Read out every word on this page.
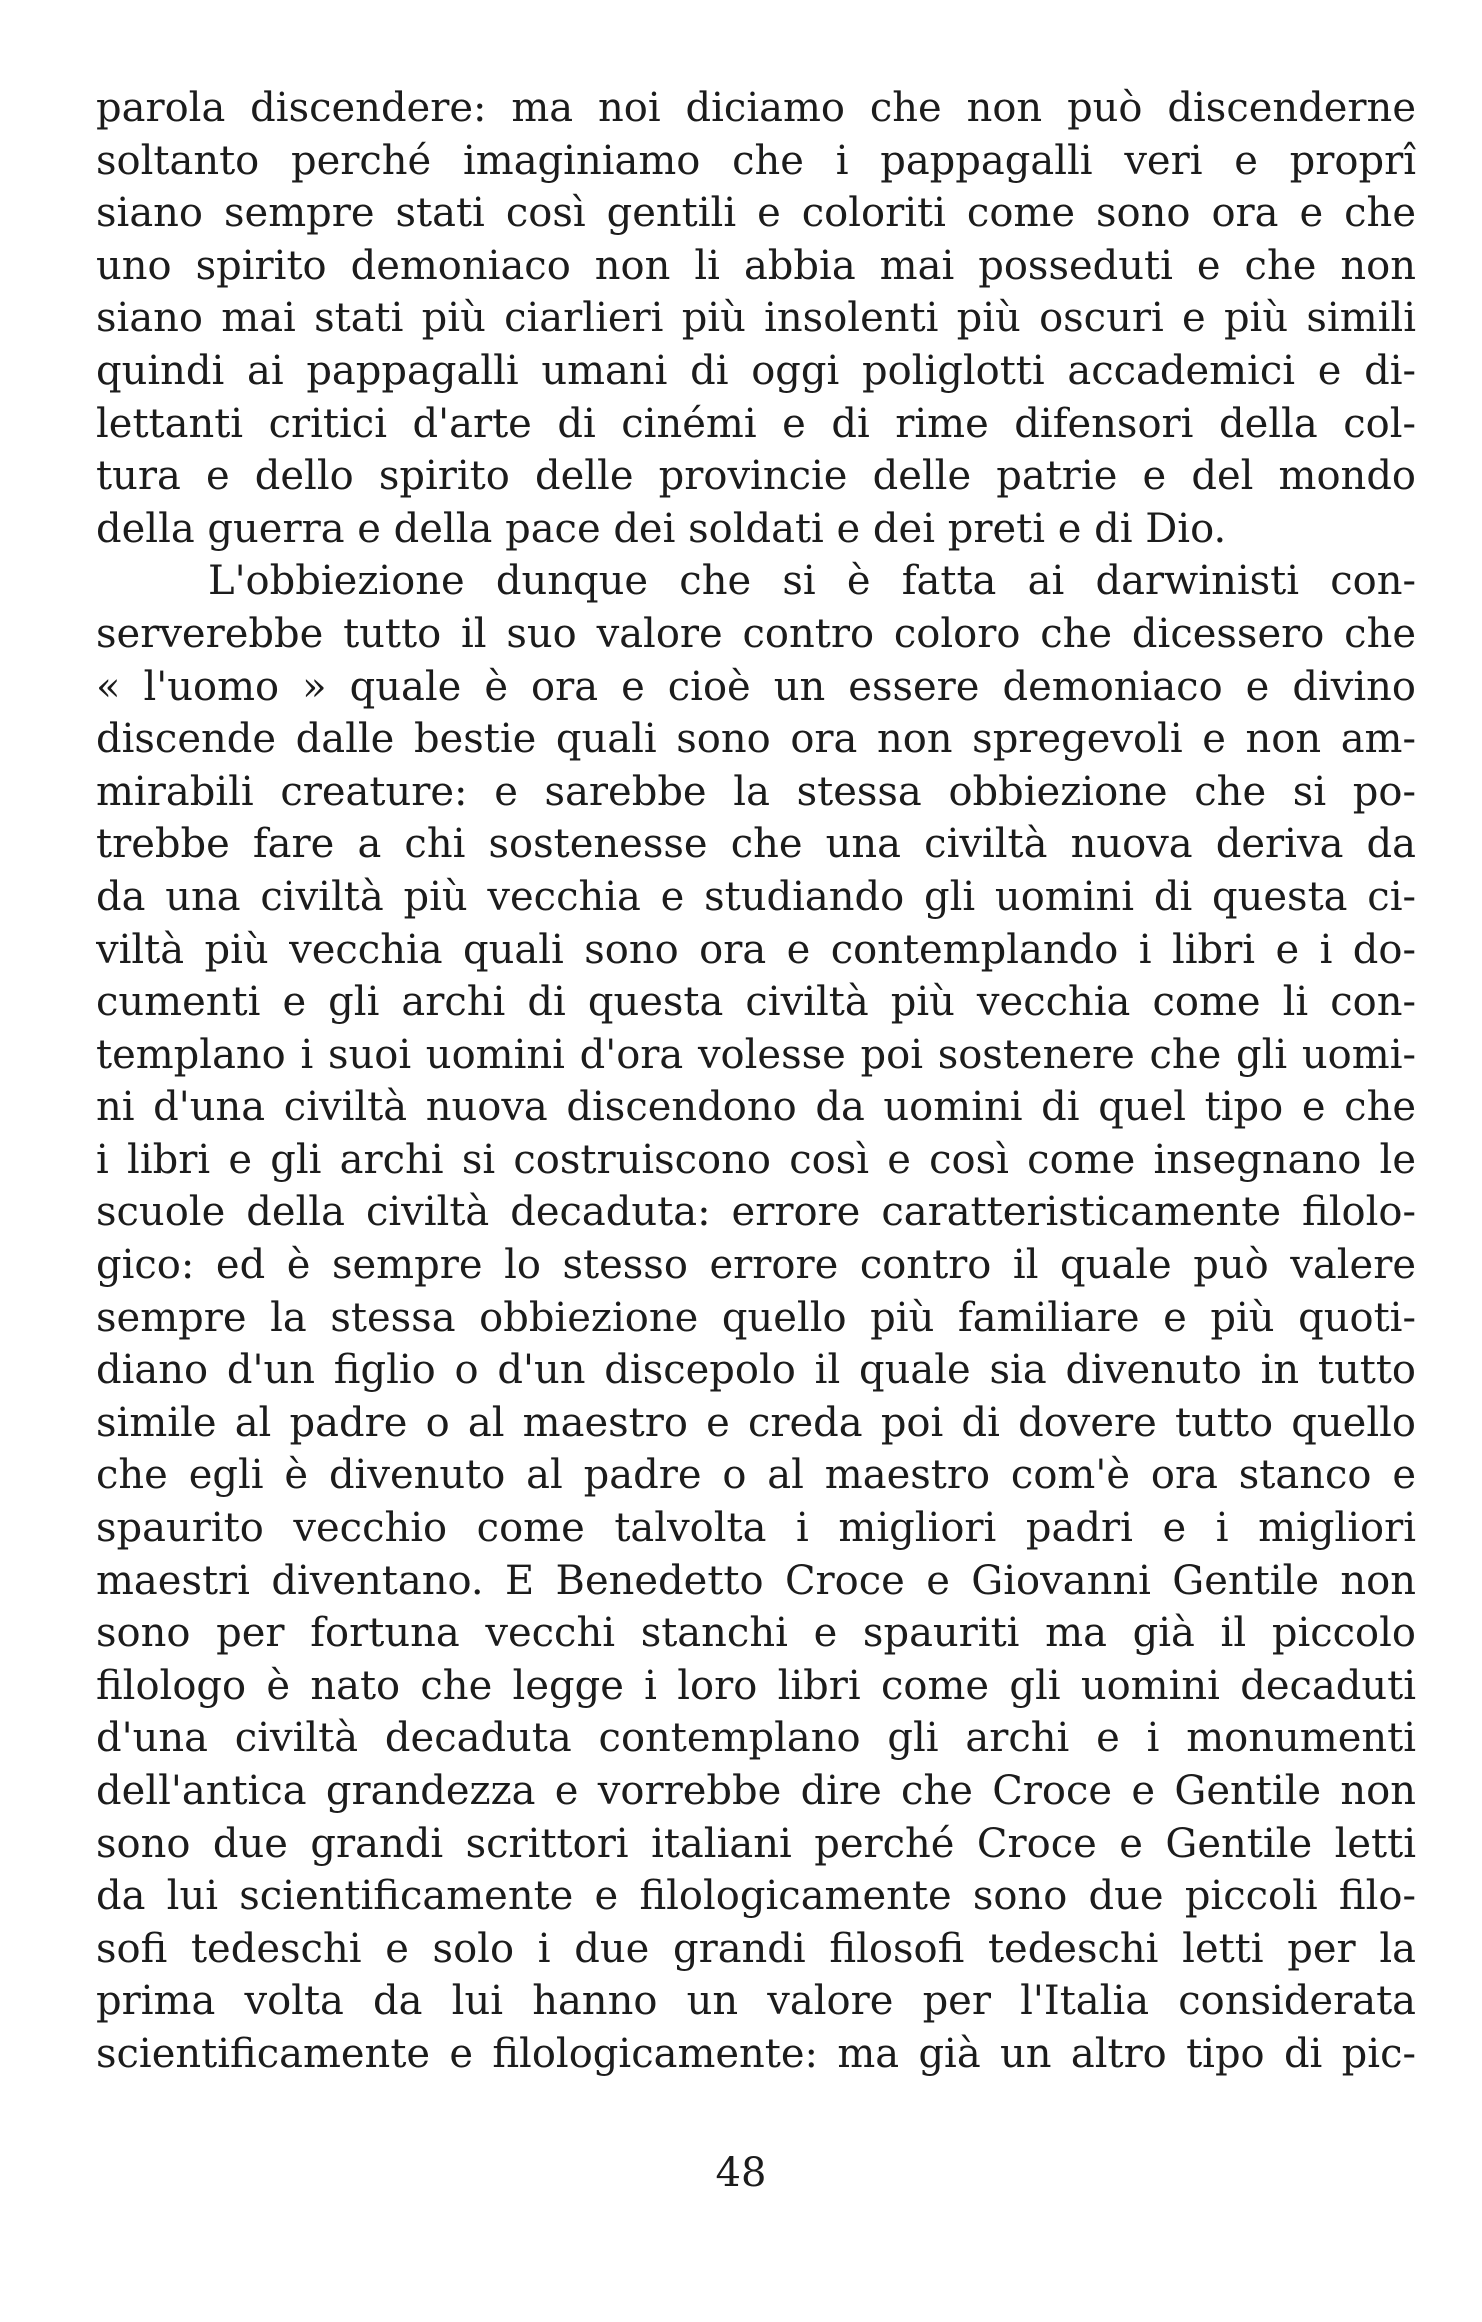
parola discendere: ma noi diciamo che non può discenderne
soltanto perché imaginiamo che i pappagalli veri e proprî
siano sempre stati così gentili e coloriti come sono ora e che
uno spirito demoniaco non li abbia mai posseduti e che non
siano mai stati più ciarlieri più insolenti più oscuri e più simili
quindi ai pappagalli umani di oggi poliglotti accademici e di-
lettanti critici d'arte di cinémi e di rime difensori della col-
tura e dello spirito delle provincie delle patrie e del mondo
della guerra e della pace dei soldati e dei preti e di Dio.
L'obbiezione dunque che si è fatta ai darwinisti con-
serverebbe tutto il suo valore contro coloro che dicessero che
« l'uomo » quale è ora e cioè un essere demoniaco e divino
discende dalle bestie quali sono ora non spregevoli e non am-
mirabili creature: e sarebbe la stessa obbiezione che si po-
trebbe fare a chi sostenesse che una civiltà nuova deriva da
da una civiltà più vecchia e studiando gli uomini di questa ci-
viltà più vecchia quali sono ora e contemplando i libri e i do-
cumenti e gli archi di questa civiltà più vecchia come li con-
templano i suoi uomini d'ora volesse poi sostenere che gli uomi-
ni d'una civiltà nuova discendono da uomini di quel tipo e che
i libri e gli archi si costruiscono così e così come insegnano le
scuole della civiltà decaduta: errore caratteristicamente filolo-
gico: ed è sempre lo stesso errore contro il quale può valere
sempre la stessa obbiezione quello più familiare e più quoti-
diano d'un figlio o d'un discepolo il quale sia divenuto in tutto
simile al padre o al maestro e creda poi di dovere tutto quello
che egli è divenuto al padre o al maestro com'è ora stanco e
spaurito vecchio come talvolta i migliori padri e i migliori
maestri diventano. E Benedetto Croce e Giovanni Gentile non
sono per fortuna vecchi stanchi e spauriti ma già il piccolo
filologo è nato che legge i loro libri come gli uomini decaduti
d'una civiltà decaduta contemplano gli archi e i monumenti
dell'antica grandezza e vorrebbe dire che Croce e Gentile non
sono due grandi scrittori italiani perché Croce e Gentile letti
da lui scientificamente e filologicamente sono due piccoli filo-
sofi tedeschi e solo i due grandi filosofi tedeschi letti per la
prima volta da lui hanno un valore per l'Italia considerata
scientificamente e filologicamente: ma già un altro tipo di pic-
48
